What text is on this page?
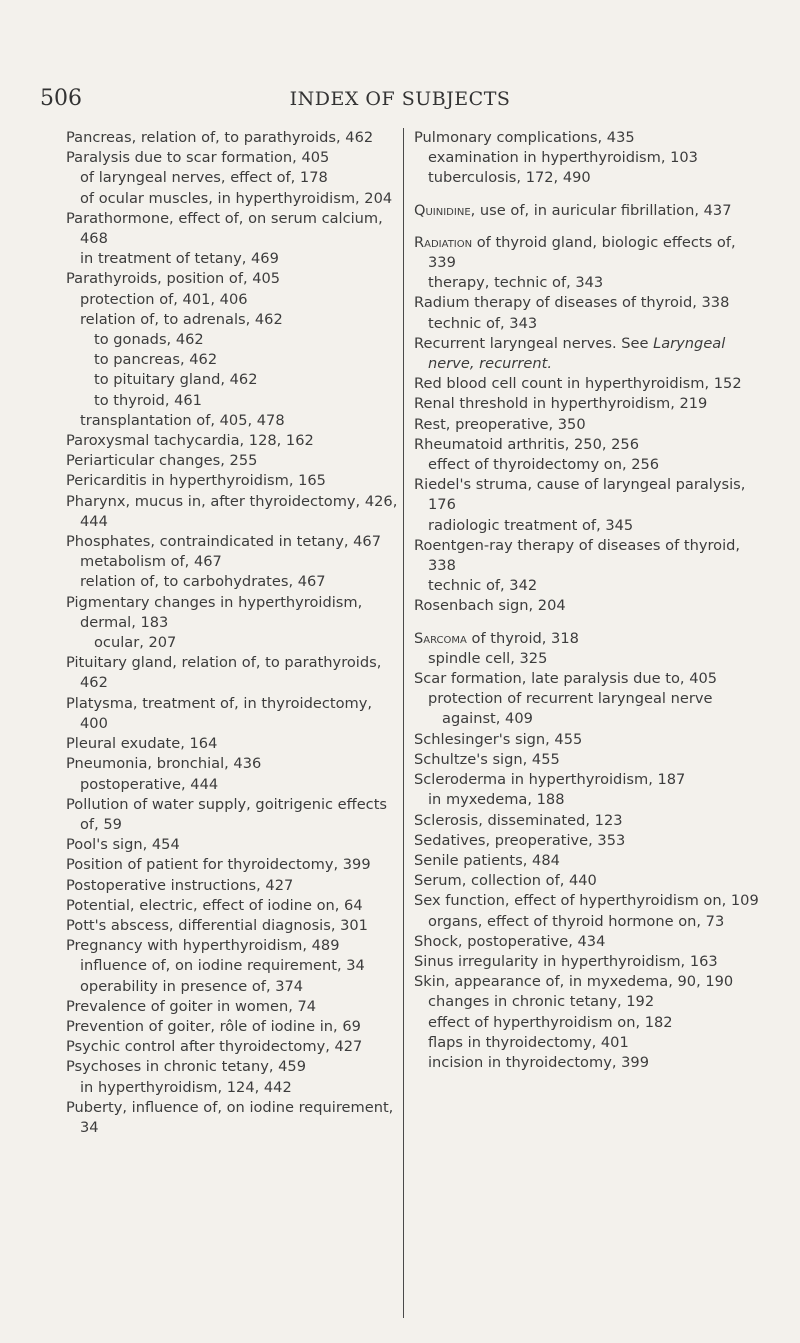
506	INDEX OF SUBJECTS
Pancreas, relation of, to parathyroids, 462
Paralysis due to scar formation, 405
of laryngeal nerves, effect of, 178
of ocular muscles, in hyperthyroidism, 204
Parathormone, effect of, on serum calcium, 468
in treatment of tetany, 469
Parathyroids, position of, 405
protection of, 401, 406
relation of, to adrenals, 462
to gonads, 462
to pancreas, 462
to pituitary gland, 462
to thyroid, 461
transplantation of, 405, 478
Paroxysmal tachycardia, 128, 162
Periarticular changes, 255
Pericarditis in hyperthyroidism, 165
Pharynx, mucus in, after thyroidectomy, 426, 444
Phosphates, contraindicated in tetany, 467
metabolism of, 467
relation of, to carbohydrates, 467
Pigmentary changes in hyperthyroidism, dermal, 183
ocular, 207
Pituitary gland, relation of, to parathyroids, 462
Platysma, treatment of, in thyroidectomy, 400
Pleural exudate, 164
Pneumonia, bronchial, 436
postoperative, 444
Pollution of water supply, goitrigenic effects of, 59
Pool's sign, 454
Position of patient for thyroidectomy, 399
Postoperative instructions, 427
Potential, electric, effect of iodine on, 64
Pott's abscess, differential diagnosis, 301
Pregnancy with hyperthyroidism, 489
influence of, on iodine requirement, 34
operability in presence of, 374
Prevalence of goiter in women, 74
Prevention of goiter, rôle of iodine in, 69
Psychic control after thyroidectomy, 427
Psychoses in chronic tetany, 459
in hyperthyroidism, 124, 442
Puberty, influence of, on iodine requirement, 34
Pulmonary complications, 435
examination in hyperthyroidism, 103
tuberculosis, 172, 490
Quinidine, use of, in auricular fibrillation, 437
Radiation of thyroid gland, biologic effects of, 339
therapy, technic of, 343
Radium therapy of diseases of thyroid, 338
technic of, 343
Recurrent laryngeal nerves. See Laryngeal nerve, recurrent.
Red blood cell count in hyperthyroidism, 152
Renal threshold in hyperthyroidism, 219
Rest, preoperative, 350
Rheumatoid arthritis, 250, 256
effect of thyroidectomy on, 256
Riedel's struma, cause of laryngeal paralysis, 176
radiologic treatment of, 345
Roentgen-ray therapy of diseases of thyroid, 338
technic of, 342
Rosenbach sign, 204
Sarcoma of thyroid, 318
spindle cell, 325
Scar formation, late paralysis due to, 405
protection of recurrent laryngeal nerve against, 409
Schlesinger's sign, 455
Schultze's sign, 455
Scleroderma in hyperthyroidism, 187
in myxedema, 188
Sclerosis, disseminated, 123
Sedatives, preoperative, 353
Senile patients, 484
Serum, collection of, 440
Sex function, effect of hyperthyroidism on, 109
organs, effect of thyroid hormone on, 73
Shock, postoperative, 434
Sinus irregularity in hyperthyroidism, 163
Skin, appearance of, in myxedema, 90, 190
changes in chronic tetany, 192
effect of hyperthyroidism on, 182
flaps in thyroidectomy, 401
incision in thyroidectomy, 399
